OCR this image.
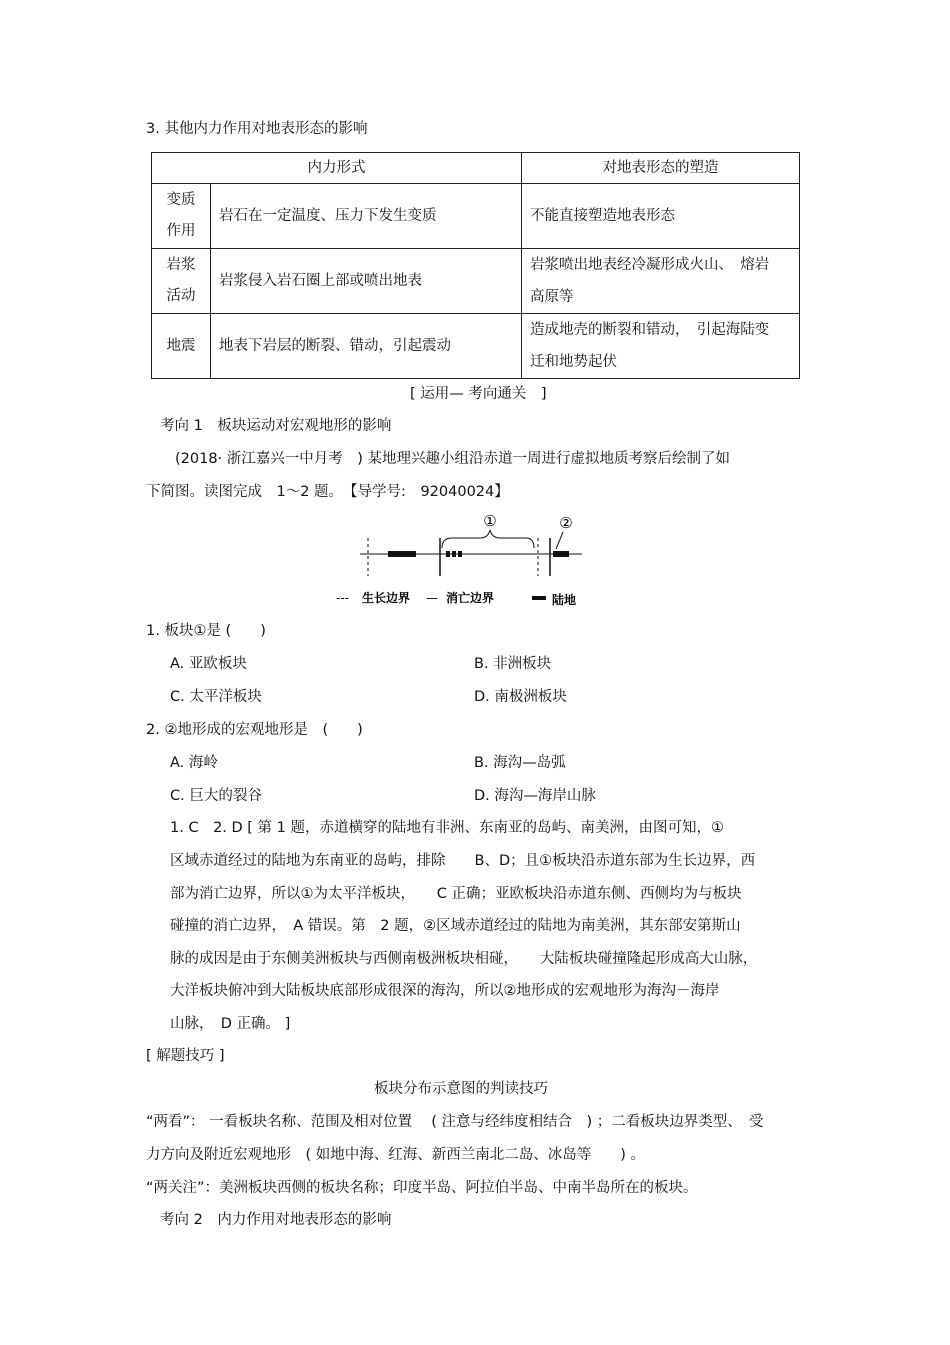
3. 其他内力作用对地表形态的影响
内力形式		对地表形态的塑造

变质
作用	岩石在一定温度、压力下发生变质	不能直接塑造地表形态

岩浆
活动	岩浆侵入岩石圈上部或喷出地表	岩浆喷出地表经冷凝形成火山、　熔岩
高原等

地震	地表下岩层的断裂、错动，引起震动	造成地壳的断裂和错动，　引起海陆变
迁和地势起伏
[ 运用— 考向通关　]
考向 1　板块运动对宏观地形的影响
(2018· 浙江嘉兴一中月考　) 某地理兴趣小组沿赤道一周进行虚拟地质考察后绘制了如
下简图。读图完成　1～2 题。　【导学号:　92040024】
①	②
--- 生长边界 — 消亡边界	陆地
1. 板块①是 (　　)
A. 亚欧板块	B. 非洲板块
C. 太平洋板块	D. 南极洲板块
2. ②地形成的宏观地形是　(　　)
A. 海岭	B. 海沟—岛弧
C. 巨大的裂谷	D. 海沟—海岸山脉
1. C　2. D [ 第 1 题，赤道横穿的陆地有非洲、东南亚的岛屿、南美洲，由图可知，①
区域赤道经过的陆地为东南亚的岛屿，排除　　B、D；且①板块沿赤道东部为生长边界，西
部为消亡边界，所以①为太平洋板块，　　C 正确；亚欧板块沿赤道东侧、西侧均为与板块
碰撞的消亡边界，　A 错误。第　2 题，②区域赤道经过的陆地为南美洲，其东部安第斯山
脉的成因是由于东侧美洲板块与西侧南极洲板块相碰，　　大陆板块碰撞隆起形成高大山脉，
大洋板块俯冲到大陆板块底部形成很深的海沟，所以②地形成的宏观地形为海沟－海岸
山脉，　D 正确。 ]
[ 解题技巧 ]
板块分布示意图的判读技巧
“两看”： 一看板块名称、范围及相对位置　 ( 注意与经纬度相结合　) ；二看板块边界类型、　受
力方向及附近宏观地形　( 如地中海、红海、新西兰南北二岛、冰岛等　　) 。
“两关注”：美洲板块西侧的板块名称；印度半岛、阿拉伯半岛、中南半岛所在的板块。
考向 2　内力作用对地表形态的影响
